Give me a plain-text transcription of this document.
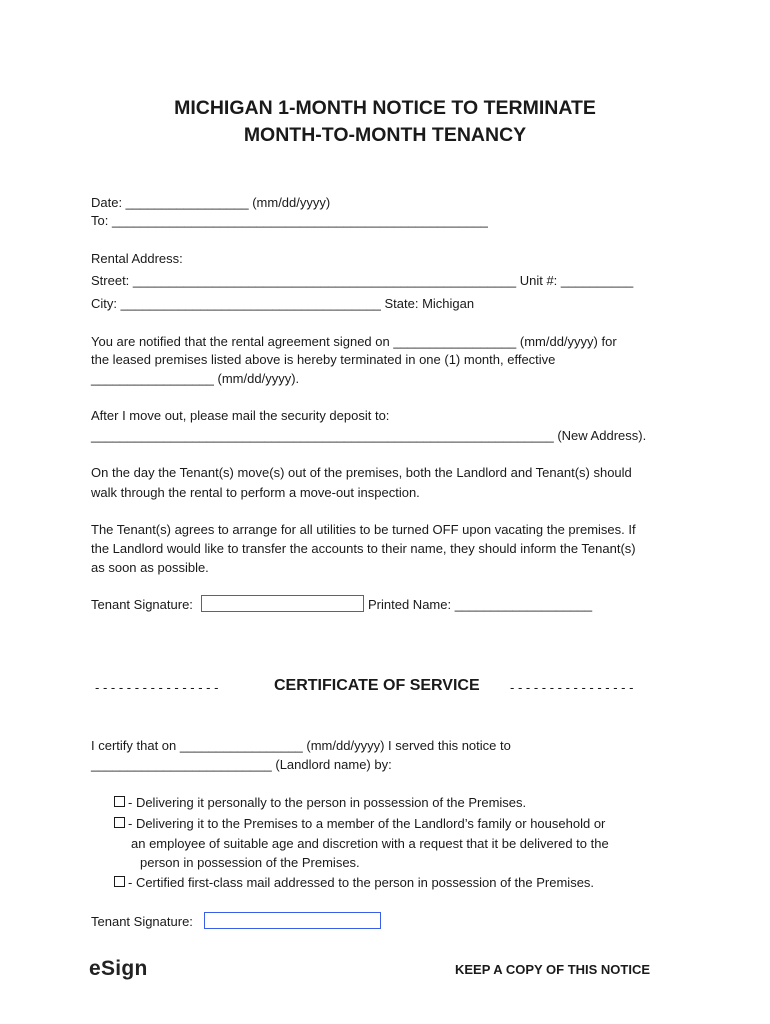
MICHIGAN 1-MONTH NOTICE TO TERMINATE
MONTH-TO-MONTH TENANCY
Date: _________________ (mm/dd/yyyy)
To: ____________________________________________________
Rental Address:
Street: _____________________________________________________ Unit #: __________
City: ____________________________________ State: Michigan
You are notified that the rental agreement signed on _________________ (mm/dd/yyyy) for
the leased premises listed above is hereby terminated in one (1) month, effective
_________________ (mm/dd/yyyy).
After I move out, please mail the security deposit to:
________________________________________________________________ (New Address).
On the day the Tenant(s) move(s) out of the premises, both the Landlord and Tenant(s) should
walk through the rental to perform a move-out inspection.
The Tenant(s) agrees to arrange for all utilities to be turned OFF upon vacating the premises. If
the Landlord would like to transfer the accounts to their name, they should inform the Tenant(s)
as soon as possible.
Tenant Signature:	Printed Name: ___________________
- - - - - - - - - - - - - - - -	CERTIFICATE OF SERVICE - - - - - - - - - - - - - - - -
I certify that on _________________ (mm/dd/yyyy) I served this notice to
_________________________ (Landlord name) by:
- Delivering it personally to the person in possession of the Premises.
- Delivering it to the Premises to a member of the Landlord’s family or household or
an employee of suitable age and discretion with a request that it be delivered to the
person in possession of the Premises.
- Certified first-class mail addressed to the person in possession of the Premises.
Tenant Signature:
eSign	KEEP A COPY OF THIS NOTICE
